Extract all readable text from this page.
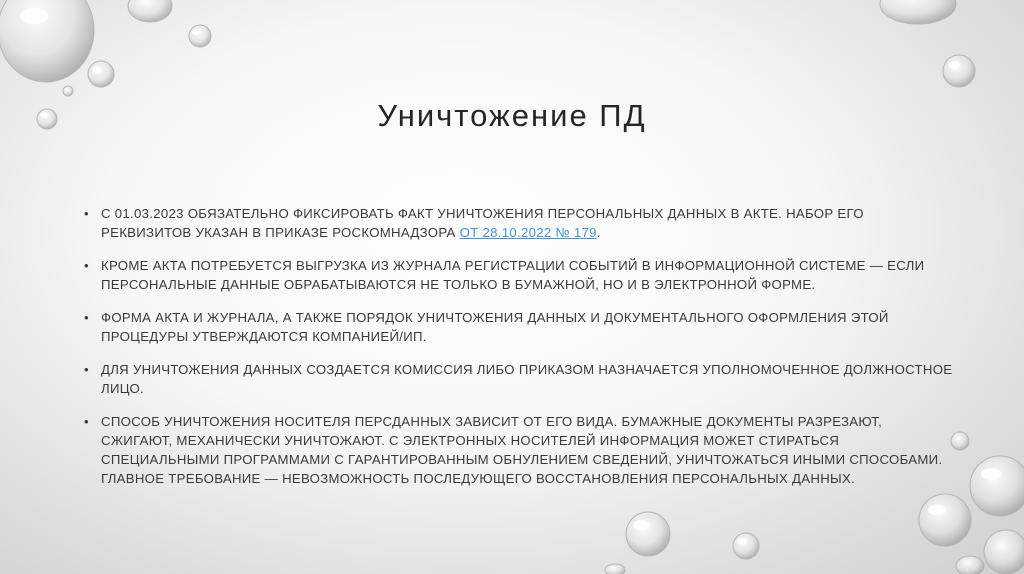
Уничтожение ПД
• С 01.03.2023 ОБЯЗАТЕЛЬНО ФИКСИРОВАТЬ ФАКТ УНИЧТОЖЕНИЯ ПЕРСОНАЛЬНЫХ ДАННЫХ В АКТЕ. НАБОР ЕГО РЕКВИЗИТОВ УКАЗАН В ПРИКАЗЕ РОСКОМНАДЗОРА ОТ 28.10.2022 № 179.
• КРОМЕ АКТА ПОТРЕБУЕТСЯ ВЫГРУЗКА ИЗ ЖУРНАЛА РЕГИСТРАЦИИ СОБЫТИЙ В ИНФОРМАЦИОННОЙ СИСТЕМЕ — ЕСЛИ ПЕРСОНАЛЬНЫЕ ДАННЫЕ ОБРАБАТЫВАЮТСЯ НЕ ТОЛЬКО В БУМАЖНОЙ, НО И В ЭЛЕКТРОННОЙ ФОРМЕ.
• ФОРМА АКТА И ЖУРНАЛА, А ТАКЖЕ ПОРЯДОК УНИЧТОЖЕНИЯ ДАННЫХ И ДОКУМЕНТАЛЬНОГО ОФОРМЛЕНИЯ ЭТОЙ ПРОЦЕДУРЫ УТВЕРЖДАЮТСЯ КОМПАНИЕЙ/ИП.
• ДЛЯ УНИЧТОЖЕНИЯ ДАННЫХ СОЗДАЕТСЯ КОМИССИЯ ЛИБО ПРИКАЗОМ НАЗНАЧАЕТСЯ УПОЛНОМОЧЕННОЕ ДОЛЖНОСТНОЕ ЛИЦО.
• СПОСОБ УНИЧТОЖЕНИЯ НОСИТЕЛЯ ПЕРСДАННЫХ ЗАВИСИТ ОТ ЕГО ВИДА. БУМАЖНЫЕ ДОКУМЕНТЫ РАЗРЕЗАЮТ, СЖИГАЮТ, МЕХАНИЧЕСКИ УНИЧТОЖАЮТ. С ЭЛЕКТРОННЫХ НОСИТЕЛЕЙ ИНФОРМАЦИЯ МОЖЕТ СТИРАТЬСЯ СПЕЦИАЛЬНЫМИ ПРОГРАММАМИ С ГАРАНТИРОВАННЫМ ОБНУЛЕНИЕМ СВЕДЕНИЙ, УНИЧТОЖАТЬСЯ ИНЫМИ СПОСОБАМИ. ГЛАВНОЕ ТРЕБОВАНИЕ — НЕВОЗМОЖНОСТЬ ПОСЛЕДУЮЩЕГО ВОССТАНОВЛЕНИЯ ПЕРСОНАЛЬНЫХ ДАННЫХ.
